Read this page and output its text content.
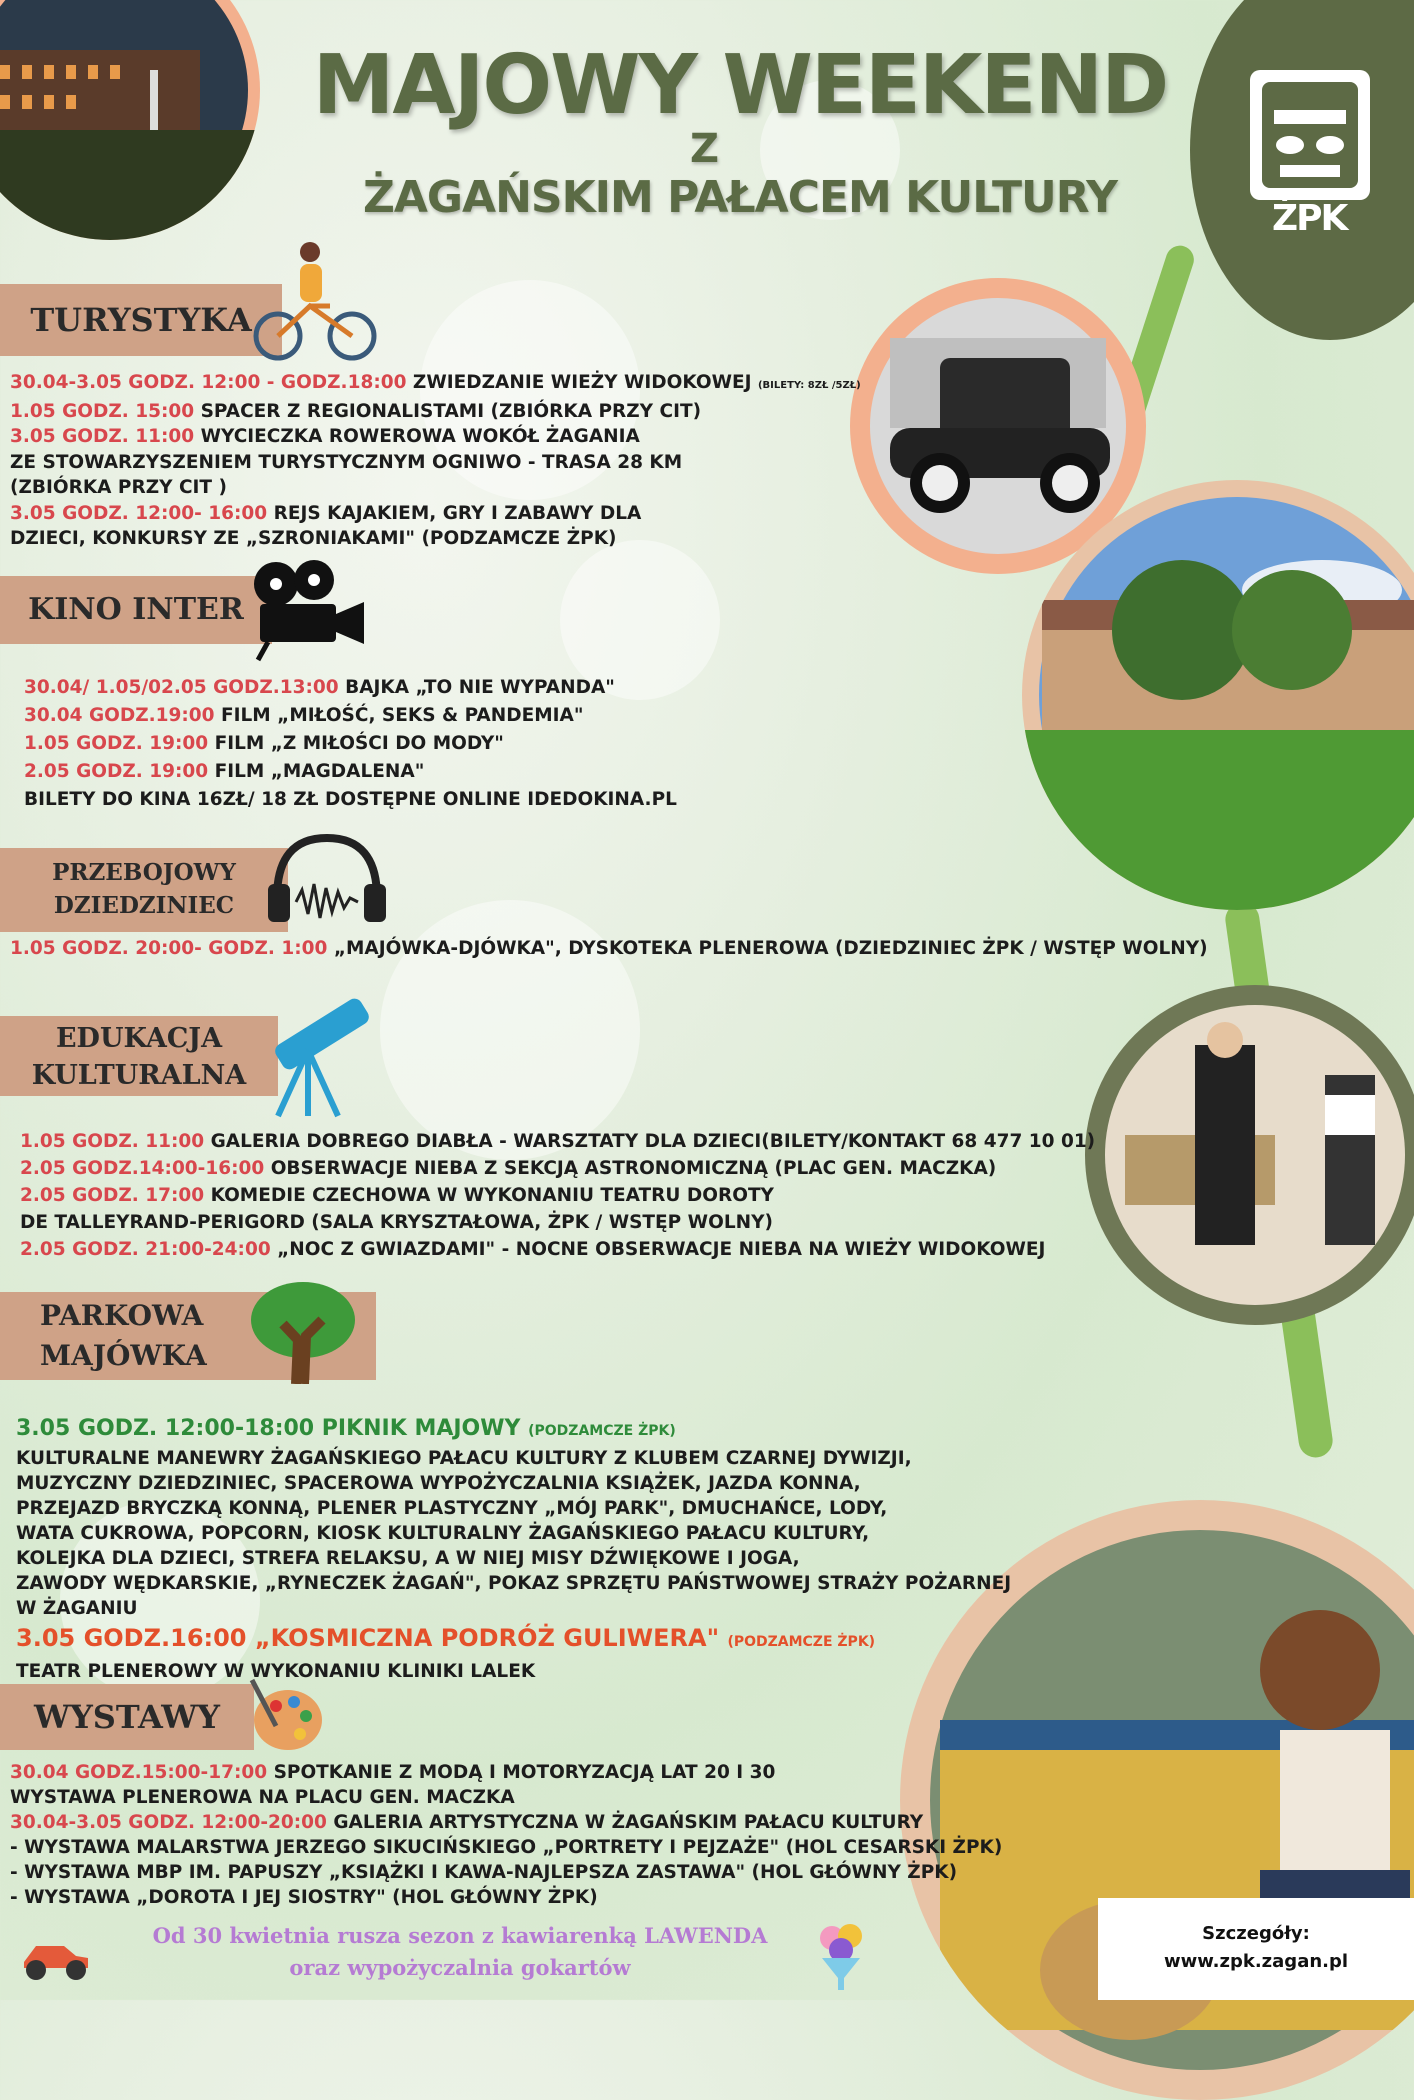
MAJOWY WEEKEND
Z
ŻAGAŃSKIM PAŁACEM KULTURY	ŻPK
TURYSTYKA
30.04-3.05 GODZ. 12:00 - GODZ.18:00 ZWIEDZANIE WIEŻY WIDOKOWEJ (BILETY: 8ZŁ /5ZŁ)
1.05 GODZ. 15:00 SPACER Z REGIONALISTAMI (ZBIÓRKA PRZY CIT)
3.05 GODZ. 11:00 WYCIECZKA ROWEROWA WOKÓŁ ŻAGANIA
ZE STOWARZYSZENIEM TURYSTYCZNYM OGNIWO - TRASA 28 KM
(ZBIÓRKA PRZY CIT )
3.05 GODZ. 12:00- 16:00 REJS KAJAKIEM, GRY I ZABAWY DLA
DZIECI, KONKURSY ZE „SZRONIAKAMI" (PODZAMCZE ŻPK)
KINO INTER
30.04/ 1.05/02.05 GODZ.13:00 BAJKA „TO NIE WYPANDA"
30.04 GODZ.19:00 FILM „MIŁOŚĆ, SEKS & PANDEMIA"
1.05 GODZ. 19:00 FILM „Z MIŁOŚCI DO MODY"
2.05 GODZ. 19:00 FILM „MAGDALENA"
BILETY DO KINA 16ZŁ/ 18 ZŁ DOSTĘPNE ONLINE IDEDOKINA.PL
PRZEBOJOWY
DZIEDZINIEC
1.05 GODZ. 20:00- GODZ. 1:00 „MAJÓWKA-DJÓWKA", DYSKOTEKA PLENEROWA (DZIEDZINIEC ŻPK / WSTĘP WOLNY)
EDUKACJA
KULTURALNA
1.05 GODZ. 11:00 GALERIA DOBREGO DIABŁA - WARSZTATY DLA DZIECI(BILETY/KONTAKT 68 477 10 01)
2.05 GODZ.14:00-16:00 OBSERWACJE NIEBA Z SEKCJĄ ASTRONOMICZNĄ (PLAC GEN. MACZKA)
2.05 GODZ. 17:00 KOMEDIE CZECHOWA W WYKONANIU TEATRU DOROTY
DE TALLEYRAND-PERIGORD (SALA KRYSZTAŁOWA, ŻPK / WSTĘP WOLNY)
2.05 GODZ. 21:00-24:00 „NOC Z GWIAZDAMI" - NOCNE OBSERWACJE NIEBA NA WIEŻY WIDOKOWEJ
PARKOWA
MAJÓWKA
3.05 GODZ. 12:00-18:00 PIKNIK MAJOWY (PODZAMCZE ŻPK)
KULTURALNE MANEWRY ŻAGAŃSKIEGO PAŁACU KULTURY Z KLUBEM CZARNEJ DYWIZJI,
MUZYCZNY DZIEDZINIEC, SPACEROWA WYPOŻYCZALNIA KSIĄŻEK, JAZDA KONNA,
PRZEJAZD BRYCZKĄ KONNĄ, PLENER PLASTYCZNY „MÓJ PARK", DMUCHAŃCE, LODY,
WATA CUKROWA, POPCORN, KIOSK KULTURALNY ŻAGAŃSKIEGO PAŁACU KULTURY,
KOLEJKA DLA DZIECI, STREFA RELAKSU, A W NIEJ MISY DŹWIĘKOWE I JOGA,
ZAWODY WĘDKARSKIE, „RYNECZEK ŻAGAŃ", POKAZ SPRZĘTU PAŃSTWOWEJ STRAŻY POŻARNEJ
W ŻAGANIU
3.05 GODZ.16:00 „KOSMICZNA PODRÓŻ GULIWERA" (PODZAMCZE ŻPK)
TEATR PLENEROWY W WYKONANIU KLINIKI LALEK
WYSTAWY
30.04 GODZ.15:00-17:00 SPOTKANIE Z MODĄ I MOTORYZACJĄ LAT 20 I 30
WYSTAWA PLENEROWA NA PLACU GEN. MACZKA
30.04-3.05 GODZ. 12:00-20:00 GALERIA ARTYSTYCZNA W ŻAGAŃSKIM PAŁACU KULTURY
- WYSTAWA MALARSTWA JERZEGO SIKUCIŃSKIEGO „PORTRETY I PEJZAŻE" (HOL CESARSKI ŻPK)
- WYSTAWA MBP IM. PAPUSZY „KSIĄŻKI I KAWA-NAJLEPSZA ZASTAWA" (HOL GŁÓWNY ŻPK)
- WYSTAWA „DOROTA I JEJ SIOSTRY" (HOL GŁÓWNY ŻPK)
Od 30 kwietnia rusza sezon z kawiarenką LAWENDA
oraz wypożyczalnia gokartów
Szczegóły:
www.zpk.zagan.pl
